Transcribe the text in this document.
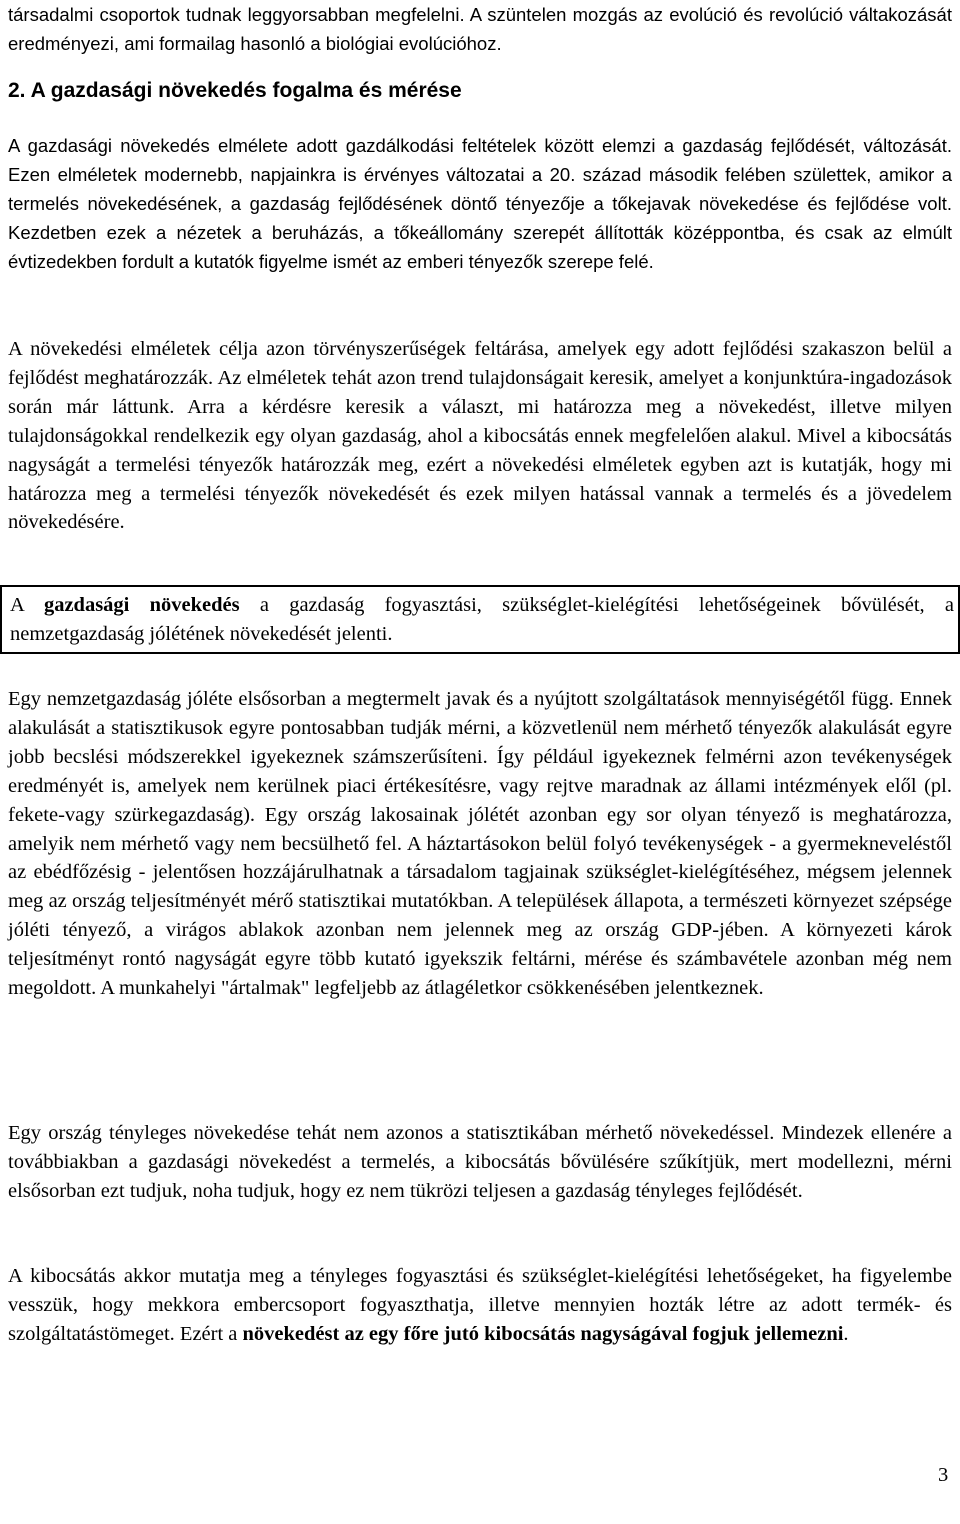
társadalmi csoportok tudnak leggyorsabban megfelelni. A szüntelen mozgás az evolúció és revolúció váltakozását eredményezi, ami formailag hasonló a biológiai evolúcióhoz.

2. A gazdasági növekedés fogalma és mérése

A gazdasági növekedés elmélete adott gazdálkodási feltételek között elemzi a gazdaság fejlődését, változását. Ezen elméletek modernebb, napjainkra is érvényes változatai a 20. század második felében születtek, amikor a termelés növekedésének, a gazdaság fejlődésének döntő tényezője a tőkejavak növekedése és fejlődése volt. Kezdetben ezek a nézetek a beruházás, a tőkeállomány szerepét állították középpontba, és csak az elmúlt évtizedekben fordult a kutatók figyelme ismét az emberi tényezők szerepe felé.

A növekedési elméletek célja azon törvényszerűségek feltárása, amelyek egy adott fejlődési szakaszon belül a fejlődést meghatározzák. Az elméletek tehát azon trend tulajdonságait keresik, amelyet a konjunktúra-ingadozások során már láttunk. Arra a kérdésre keresik a választ, mi határozza meg a növekedést, illetve milyen tulajdonságokkal rendelkezik egy olyan gazdaság, ahol a kibocsátás ennek megfelelően alakul. Mivel a kibocsátás nagyságát a termelési tényezők határozzák meg, ezért a növekedési elméletek egyben azt is kutatják, hogy mi határozza meg a termelési tényezők növekedését és ezek milyen hatással vannak a termelés és a jövedelem növekedésére.

A gazdasági növekedés a gazdaság fogyasztási, szükséglet-kielégítési lehetőségeinek bővülését, a nemzetgazdaság jólétének növekedését jelenti.

Egy nemzetgazdaság jóléte elsősorban a megtermelt javak és a nyújtott szolgáltatások mennyiségétől függ. Ennek alakulását a statisztikusok egyre pontosabban tudják mérni, a közvetlenül nem mérhető tényezők alakulását egyre jobb becslési módszerekkel igyekeznek számszerűsíteni. Így például igyekeznek felmérni azon tevékenységek eredményét is, amelyek nem kerülnek piaci értékesítésre, vagy rejtve maradnak az állami intézmények elől (pl. fekete-vagy szürkegazdaság). Egy ország lakosainak jólétét azonban egy sor olyan tényező is meghatározza, amelyik nem mérhető vagy nem becsülhető fel. A háztartásokon belül folyó tevékenységek - a gyermekneveléstől az ebédfőzésig - jelentősen hozzájárulhatnak a társadalom tagjainak szükséglet-kielégítéséhez, mégsem jelennek meg az ország teljesítményét mérő statisztikai mutatókban. A települések állapota, a természeti környezet szépsége jóléti tényező, a virágos ablakok azonban nem jelennek meg az ország GDP-jében. A környezeti károk teljesítményt rontó nagyságát egyre több kutató igyekszik feltárni, mérése és számbavétele azonban még nem megoldott. A munkahelyi "ártalmak" legfeljebb az átlagéletkor csökkenésében jelentkeznek.

Egy ország tényleges növekedése tehát nem azonos a statisztikában mérhető növekedéssel. Mindezek ellenére a továbbiakban a gazdasági növekedést a termelés, a kibocsátás bővülésére szűkítjük, mert modellezni, mérni elsősorban ezt tudjuk, noha tudjuk, hogy ez nem tükrözi teljesen a gazdaság tényleges fejlődését.

A kibocsátás akkor mutatja meg a tényleges fogyasztási és szükséglet-kielégítési lehetőségeket, ha figyelembe vesszük, hogy mekkora embercsoport fogyaszthatja, illetve mennyien hozták létre az adott termék- és szolgáltatástömeget. Ezért a növekedést az egy főre jutó kibocsátás nagyságával fogjuk jellemezni.

3
